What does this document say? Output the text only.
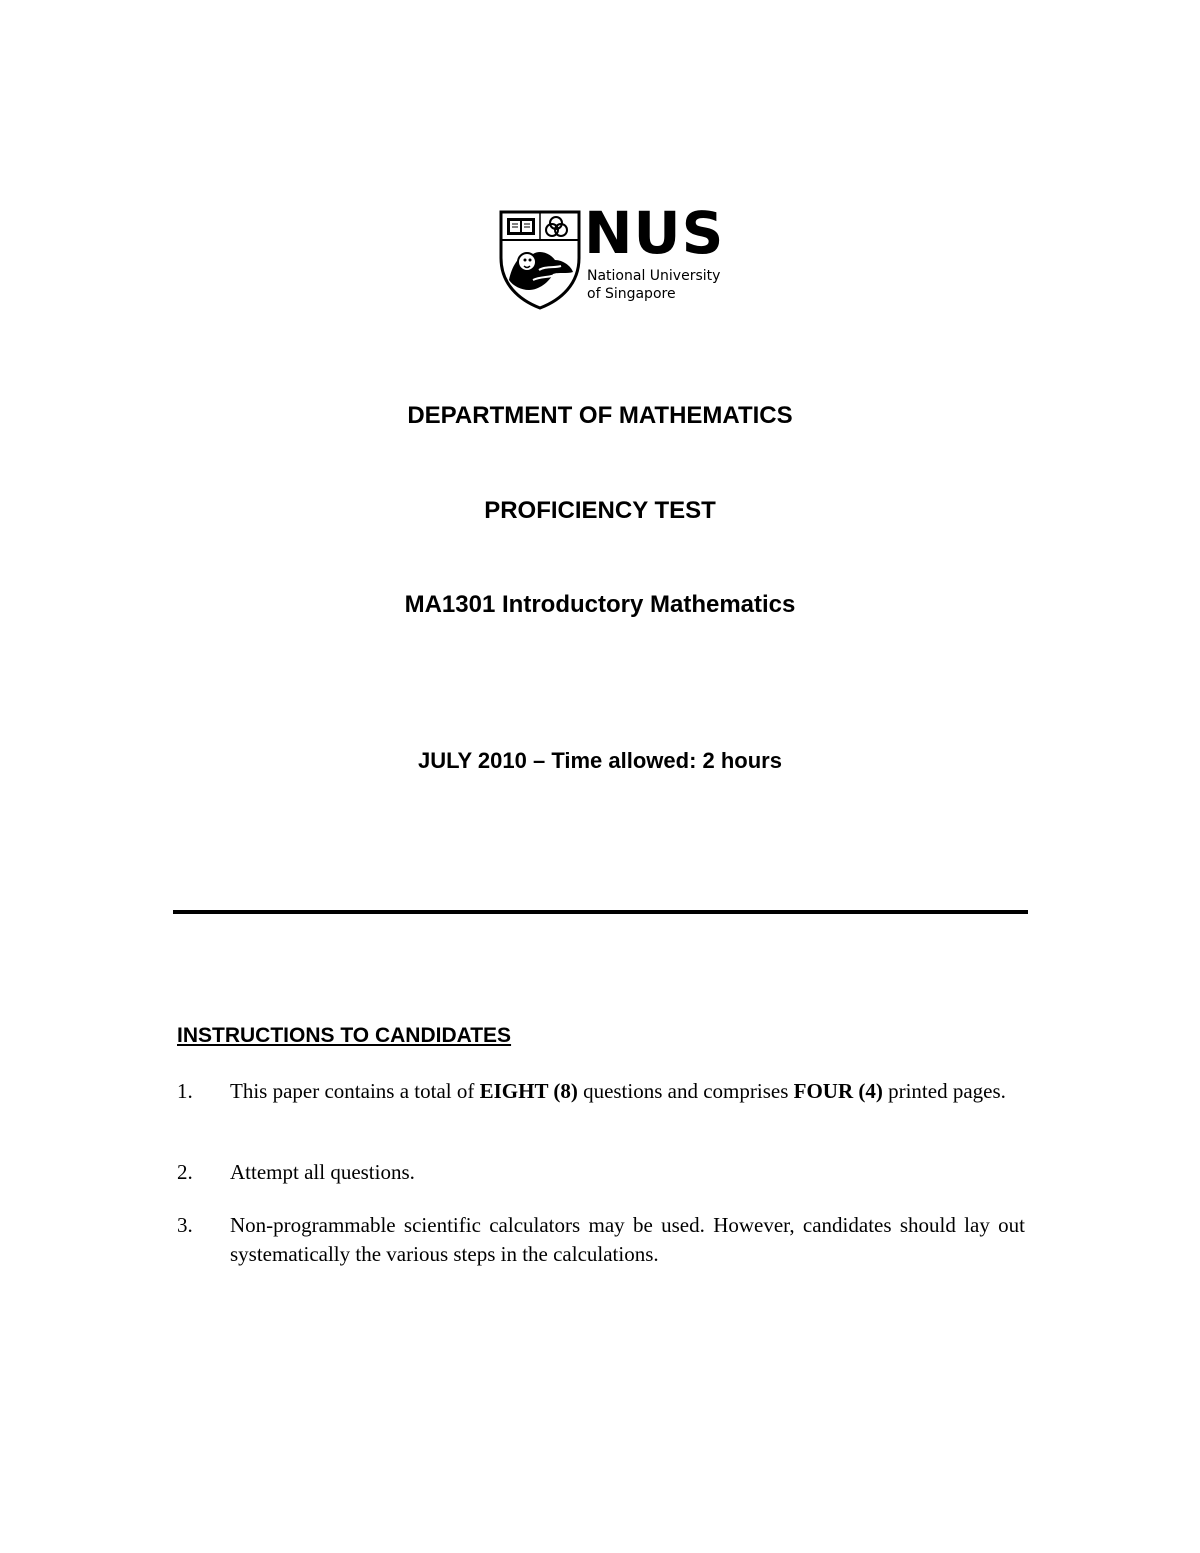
NUS
National University
of Singapore
DEPARTMENT OF MATHEMATICS
PROFICIENCY TEST
MA1301 Introductory Mathematics
JULY 2010 – Time allowed: 2 hours
INSTRUCTIONS TO CANDIDATES
1.	This paper contains a total of EIGHT (8) questions and comprises FOUR (4) printed pages.
2.	Attempt all questions.
3.	Non-programmable scientific calculators may be used. However, candidates should lay out systematically the various steps in the calculations.
